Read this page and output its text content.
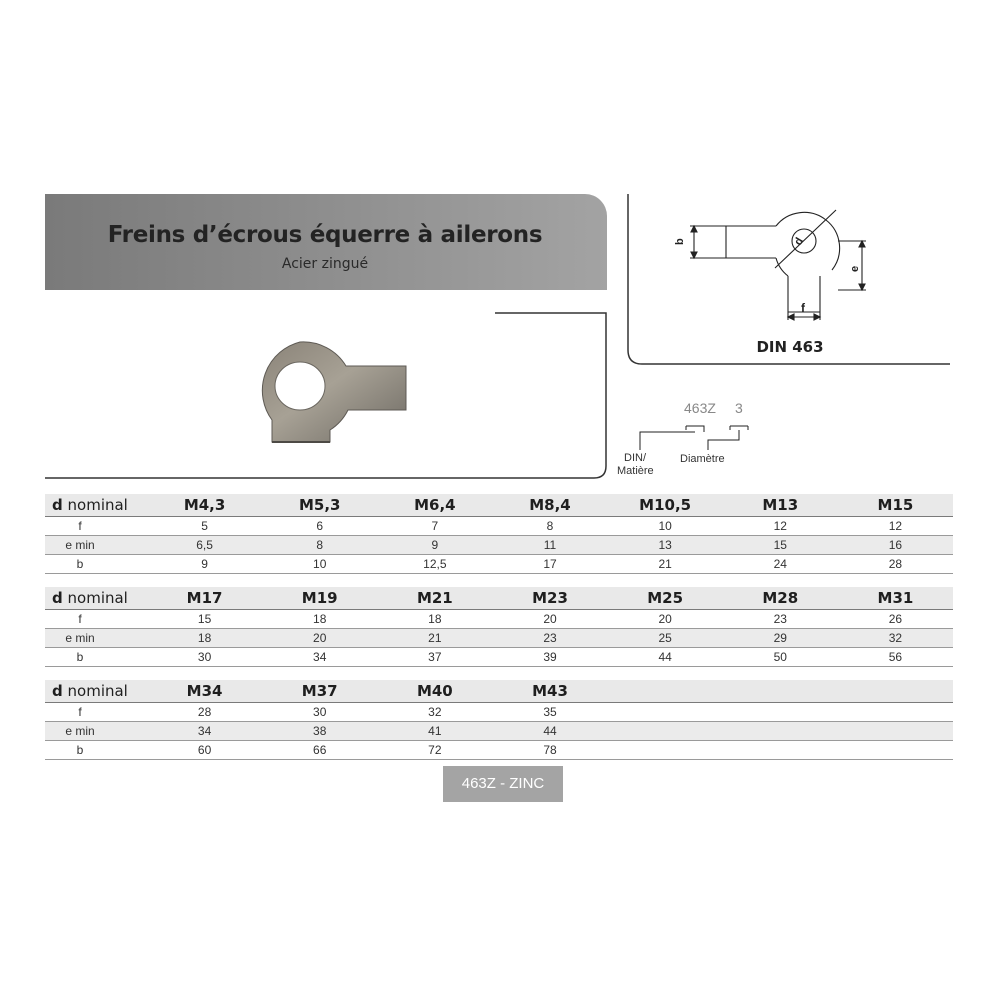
Freins d’écrous équerre à ailerons
Acier zingué
b	d
e
f
DIN 463
463Z 3
DIN/
Matière
Diamètre
d nominal	M4,3	M5,3	M6,4	M8,4	M10,5	M13	M15
f	5	6	7	8	10	12	12
e min	6,5	8	9	11	13	15	16
b	9	10	12,5	17	21	24	28
d nominal	M17	M19	M21	M23	M25	M28	M31
f	15	18	18	20	20	23	26
e min	18	20	21	23	25	29	32
b	30	34	37	39	44	50	56
d nominal	M34	M37	M40	M43			
f	28	30	32	35			
e min	34	38	41	44			
b	60	66	72	78			
463Z - ZINC
